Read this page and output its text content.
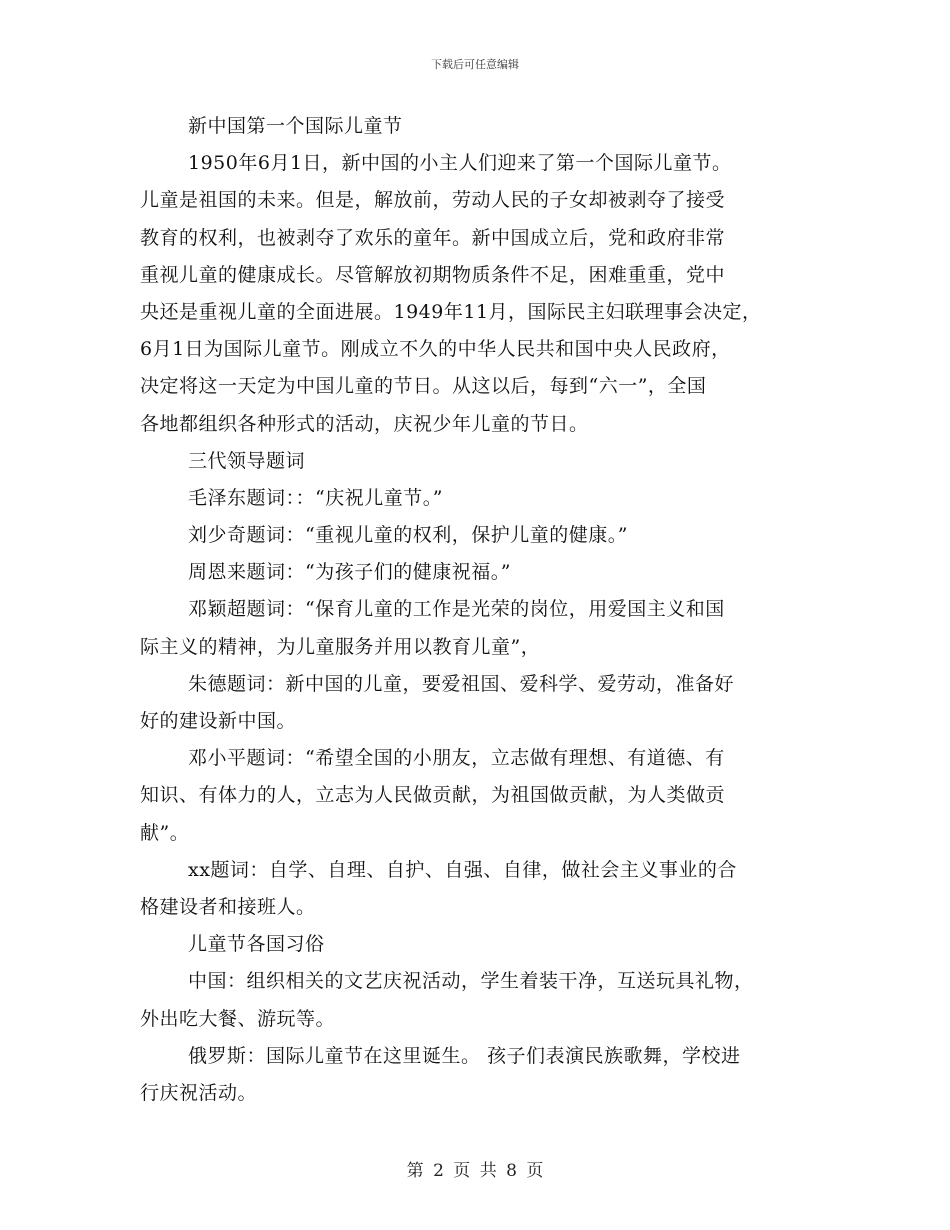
下载后可任意编辑
新中国第一个国际儿童节
1950年6月1日，新中国的小主人们迎来了第一个国际儿童节。
儿童是祖国的未来。但是，解放前，劳动人民的子女却被剥夺了接受
教育的权利，也被剥夺了欢乐的童年。新中国成立后，党和政府非常
重视儿童的健康成长。尽管解放初期物质条件不足，困难重重，党中
央还是重视儿童的全面进展。1949年11月，国际民主妇联理事会决定，
6月1日为国际儿童节。刚成立不久的中华人民共和国中央人民政府，
决定将这一天定为中国儿童的节日。从这以后，每到“六一”，全国
各地都组织各种形式的活动，庆祝少年儿童的节日。
三代领导题词
毛泽东题词：：“庆祝儿童节。”
刘少奇题词：“重视儿童的权利，保护儿童的健康。”
周恩来题词：“为孩子们的健康祝福。”
邓颖超题词：“保育儿童的工作是光荣的岗位，用爱国主义和国
际主义的精神，为儿童服务并用以教育儿童”，
朱德题词：新中国的儿童，要爱祖国、爱科学、爱劳动，准备好
好的建设新中国。
邓小平题词：“希望全国的小朋友，立志做有理想、有道德、有
知识、有体力的人，立志为人民做贡献，为祖国做贡献，为人类做贡
献”。
xx题词：自学、自理、自护、自强、自律，做社会主义事业的合
格建设者和接班人。
儿童节各国习俗
中国：组织相关的文艺庆祝活动，学生着装干净，互送玩具礼物，
外出吃大餐、游玩等。
俄罗斯：国际儿童节在这里诞生。 孩子们表演民族歌舞，学校进
行庆祝活动。
第 2 页 共 8 页
